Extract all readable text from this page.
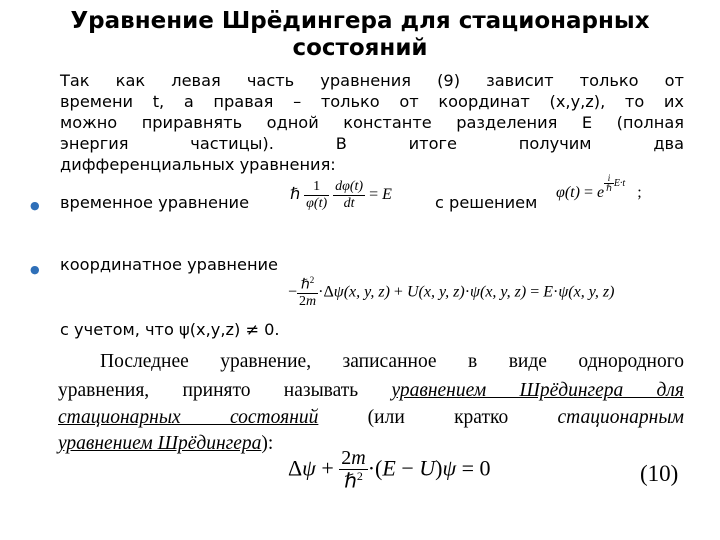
Уравнение Шрёдингера для стационарных
состояний
Так как левая часть уравнения (9) зависит только от
времени t, а правая – только от координат (x,y,z), то их
можно приравнять одной константе разделения E (полная
энергия частицы). В итоге получим два
дифференциальных уравнения:
● временное уравнение	ℏ $\frac{1}{\varphi(t)}$
$\frac{d\varphi(t)}{dt} = E$	с решением
φ(t) = e $^{\frac{i}{\text{ℏ}} E\cdot t}$ ;
● координатное уравнение
− $\frac{\hbar^2}{2m} \cdot\Delta\psi(x$, y, z) + U(x, y, z)·ψ(x, y, z) = E·ψ(x, y, z)
с учетом, что ψ(x,y,z) ≠ 0.
Последнее уравнение, записанное в виде однородного
уравнения, принято называть уравнением Шрёдингера для
стационарных состояний (или кратко стационарным
уравнением Шрёдингера):
$\Delta\psi + \frac{2m}{\hbar^2} \cdot(E - U)\psi = 0$	(10)
